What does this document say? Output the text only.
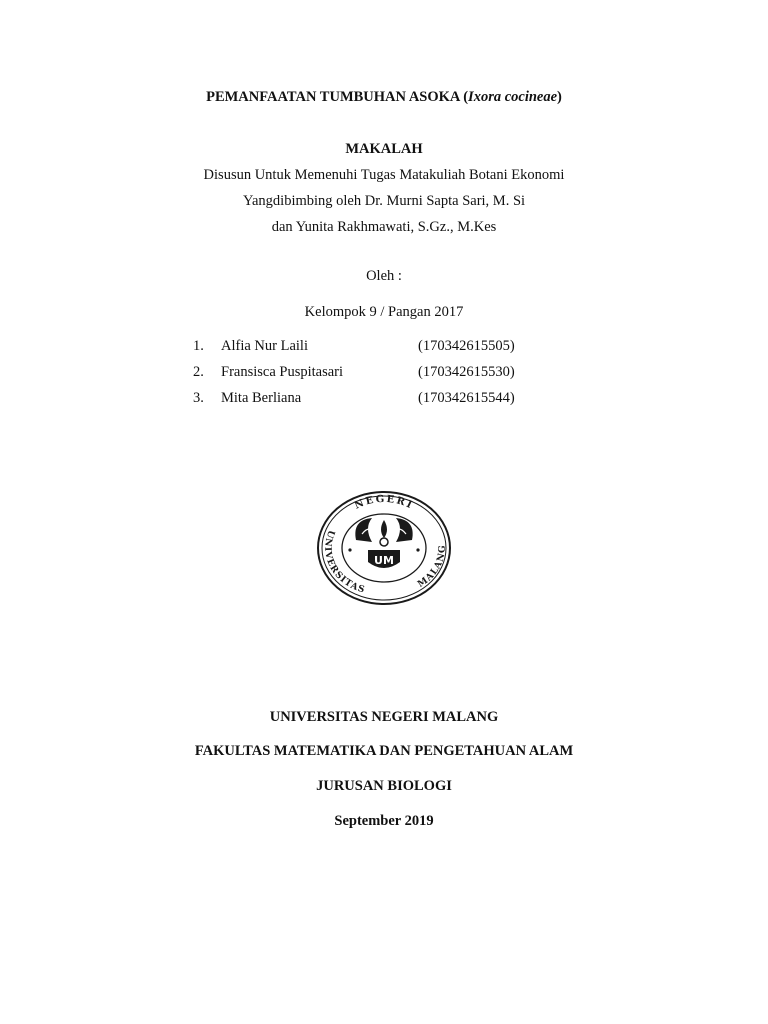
PEMANFAATAN TUMBUHAN ASOKA (Ixora cocineae)
MAKALAH
Disusun Untuk Memenuhi Tugas Matakuliah Botani Ekonomi
Yangdibimbing oleh Dr. Murni Sapta Sari, M. Si
dan Yunita Rakhmawati, S.Gz., M.Kes
Oleh :
Kelompok 9 / Pangan 2017
1. Alfia Nur Laili	(170342615505)
2. Fransisca Puspitasari	(170342615530)
3. Mita Berliana	(170342615544)
NEGERI
UNIVERSITAS	MALANG
UM
UNIVERSITAS NEGERI MALANG
FAKULTAS MATEMATIKA DAN PENGETAHUAN ALAM
JURUSAN BIOLOGI
September 2019
